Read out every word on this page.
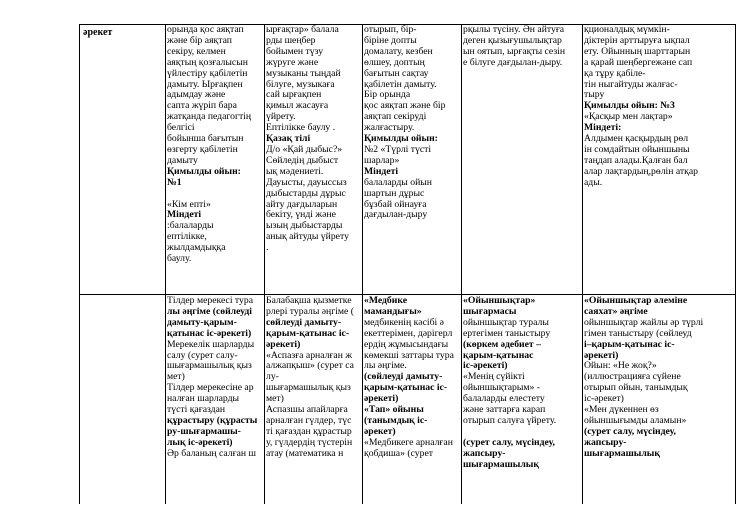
әрекет	орында қос аяқтап
және бір аяқтап
секіру, келмен
аяқтың қозғалысын
үйлестіру қабілетін
дамыту. Ырғақпен
адымдау және
сапта жүріп бара
жатқанда педагогтің
белгісі
бойынша бағытын
өзгерту қабілетін
дамыту
Қимылды ойын:
№1

«Кім епті»
Міндеті
:балаларды
ептілікке,
жылдамдыққа
баулу.
ырғақтар» балала
рды шеңбер
бойымен түзу
жүруге және
музыканы тыңдай
білуге, музыкаға
сай ырғақпен
қимыл жасауға
үйрету.
Ептілікке баулу .
Қазақ тілі
Д/о «Қай дыбыс?»
Сөйледің дыбыст
ық мәдениеті.
Дауысты, дауыссыз
дыбыстарды дұрыс
айту дағдыларын
бекіту, үнді және
ызың дыбыстарды
анық айтуды үйрету
.
отырып, бір-
біріне допты
домалату, кезбен
өлшеу, доптың
бағытын сақтау
қабілетін дамыту.
Бір орында
қос аяқтап және бір
аяқтап секіруді
жалғастыру.
Қимылды ойын:
№2 «Түрлі түсті
шарлар»
Міндеті
балаларды ойын
шартын дұрыс
бұзбай ойнауға
дағдылан-дыру
рқылы түсіну. Ән айтуға
деген қызығушылықтар
ын оятып, ырғақты сезін
е білуге дағдылан-дыру.
қционалдық мүмкін-
діктерін арттыруға ықпал
ету. Ойынның шарттарын
а қарай шеңбергежәне сап
қа тұру қабіле-
тін ныгайтуды жалғас-
тыру
Қимылды ойын: №3
«Қасқыр мен лақтар»
Міндеті:
Алдымен қасқырдың рөл
ін сомдайтын ойыншыны
таңдап алады.Қалған бал
алар лақтардың,рөлін атқар
ады.
Тілдер мерекесі тура
лы әңгіме (сөйлеуді
дамыту-қарым-
қатынас іс-әрекеті)
Мерекелік шарларды
салу (сурет салу-
шығармашылық қыз
мет)
Тілдер мерекесіне ар
налған шарларды
түсті қағаздан
құрастыру (құрасты
ру-шығармашы-
лық іс-әрекеті)
Әр баланың салған ш
Балабақша қызметке
рлері туралы әңгіме (
сөйлеуді дамыту-
қарым-қатынас іс-
әрекеті)
«Аспазға арналған ж
алжапқыш» (сурет са
лу-
шығармашылық қыз
мет)
Аспазшы апайларға
арналған гүлдер, түс
ті қағаздан құрастыр
у, гүлдердің түстерін
атау (математика н
«Медбике
мамандығы»
медбикенің кәсібі ә
екеттерімен, дәрігерл
ердің жұмысындағы
көмекші заттары тура
лы әңгіме.
(сөйлеуді дамыту-
қарым-қатынас іс-
әрекеті)
«Тап» ойыны
(танымдық іс-
әрекет)
«Медбикеге арналған
қобдиша» (сурет
«Ойыншықтар»
шығармасы
ойыншықтар туралы
ертегімен таныстыру
(көркем әдебиет –
қарым-қатынас
іс-әрекеті)
«Менің сүйікті
ойыншықтарым» -
балаларды елестету
және заттарға карап
отырып салуға үйрету.

(сурет салу, мүсіндеу,
жапсыру-
шығармашылық
«Ойыншықтар әлеміне
саяхат» әңгіме
ойыншықтар жайлы әр түрлі
гімен таныстыру (сөйлеуд
і–қарым-қатынас іс-
әрекеті)
Ойын: «Не жоқ?»
(иллюстрацияға сүйене
отырып ойын, танымдық
іс-әрекет)
«Мен дүкеннен өз
ойыншығымды аламын»
(сурет салу, мүсіндеу,
жапсыру-
шығармашылық
